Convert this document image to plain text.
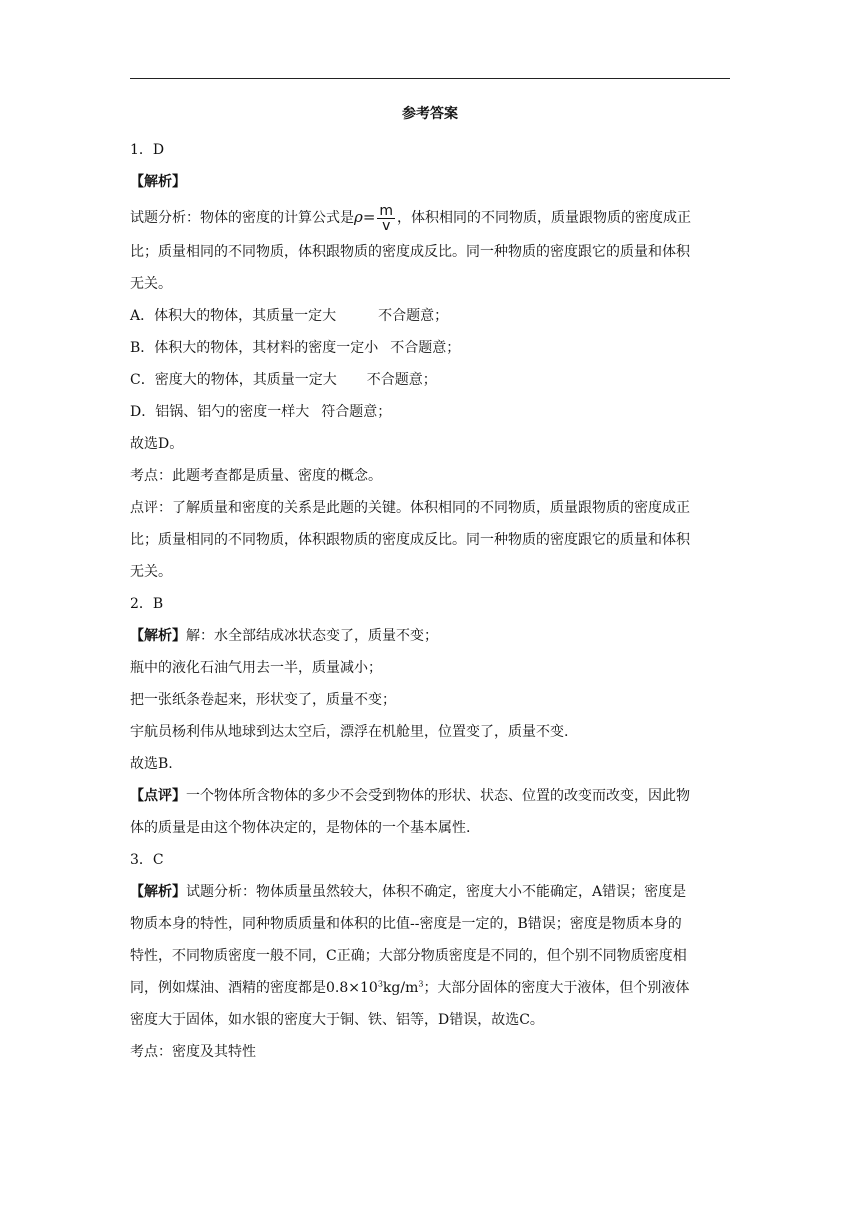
参考答案
1．D
【解析】
试题分析：物体的密度的计算公式是$\rho= \frac{m}{v}$ ，体积相同的不同物质，质量跟物质的密度成正
比；质量相同的不同物质，体积跟物质的密度成反比。同一种物质的密度跟它的质量和体积
无关。
A．体积大的物体，其质量一定大	不合题意；
B．体积大的物体，其材料的密度一定小 不合题意；
C．密度大的物体，其质量一定大 不合题意；
D．铝锅、铝勺的密度一样大 符合题意；
故选D。
考点：此题考查都是质量、密度的概念。
点评：了解质量和密度的关系是此题的关键。体积相同的不同物质，质量跟物质的密度成正
比；质量相同的不同物质，体积跟物质的密度成反比。同一种物质的密度跟它的质量和体积
无关。
2．B
【解析】解：水全部结成冰状态变了，质量不变；
瓶中的液化石油气用去一半，质量减小；
把一张纸条卷起来，形状变了，质量不变；
宇航员杨利伟从地球到达太空后，漂浮在机舱里，位置变了，质量不变.
故选B.
【点评】一个物体所含物体的多少不会受到物体的形状、状态、位置的改变而改变，因此物
体的质量是由这个物体决定的，是物体的一个基本属性.
3．C
【解析】试题分析：物体质量虽然较大，体积不确定，密度大小不能确定，A错误；密度是
物质本身的特性，同种物质质量和体积的比值--密度是一定的，B错误；密度是物质本身的
特性，不同物质密度一般不同，C正确；大部分物质密度是不同的，但个别不同物质密度相
同，例如煤油、酒精的密度都是$0.8\times 10^3kg/m^3$；大部分固体的密度大于液体，但个别液体
密度大于固体，如水银的密度大于铜、铁、铝等，D错误，故选C。
考点：密度及其特性
